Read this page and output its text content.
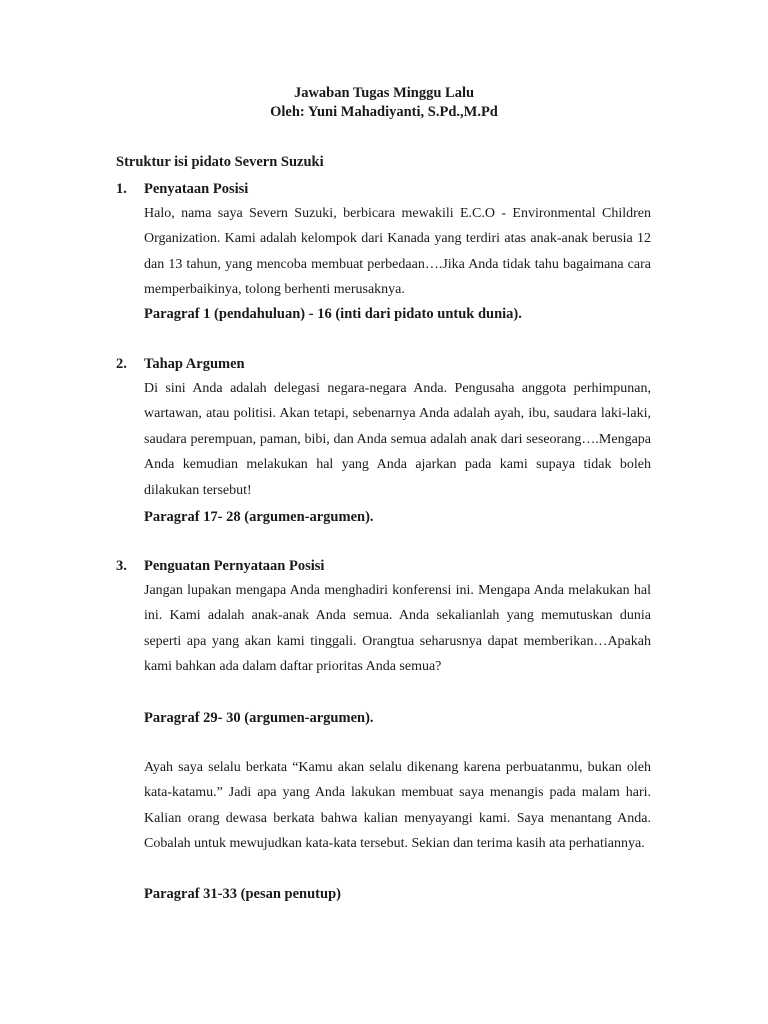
Jawaban Tugas Minggu Lalu
Oleh: Yuni Mahadiyanti, S.Pd.,M.Pd
Struktur isi pidato Severn Suzuki
1. Penyataan Posisi
Halo, nama saya Severn Suzuki, berbicara mewakili E.C.O - Environmental Children Organization. Kami adalah kelompok dari Kanada yang terdiri atas anak-anak berusia 12 dan 13 tahun, yang mencoba membuat perbedaan….Jika Anda tidak tahu bagaimana cara memperbaikinya, tolong berhenti merusaknya.
Paragraf 1 (pendahuluan) - 16 (inti dari pidato untuk dunia).
2. Tahap Argumen
Di sini Anda adalah delegasi negara-negara Anda. Pengusaha anggota perhimpunan, wartawan, atau politisi. Akan tetapi, sebenarnya Anda adalah ayah, ibu, saudara laki-laki, saudara perempuan, paman, bibi, dan Anda semua adalah anak dari seseorang….Mengapa Anda kemudian melakukan hal yang Anda ajarkan pada kami supaya tidak boleh dilakukan tersebut!
Paragraf 17- 28 (argumen-argumen).
3. Penguatan Pernyataan Posisi
Jangan lupakan mengapa Anda menghadiri konferensi ini. Mengapa Anda melakukan hal ini. Kami adalah anak-anak Anda semua. Anda sekalianlah yang memutuskan dunia seperti apa yang akan kami tinggali. Orangtua seharusnya dapat memberikan…Apakah kami bahkan ada dalam daftar prioritas Anda semua?
Paragraf 29- 30 (argumen-argumen).
Ayah saya selalu berkata “Kamu akan selalu dikenang karena perbuatanmu, bukan oleh kata-katamu.” Jadi apa yang Anda lakukan membuat saya menangis pada malam hari. Kalian orang dewasa berkata bahwa kalian menyayangi kami. Saya menantang Anda. Cobalah untuk mewujudkan kata-kata tersebut. Sekian dan terima kasih ata perhatiannya.
Paragraf 31-33 (pesan penutup)
